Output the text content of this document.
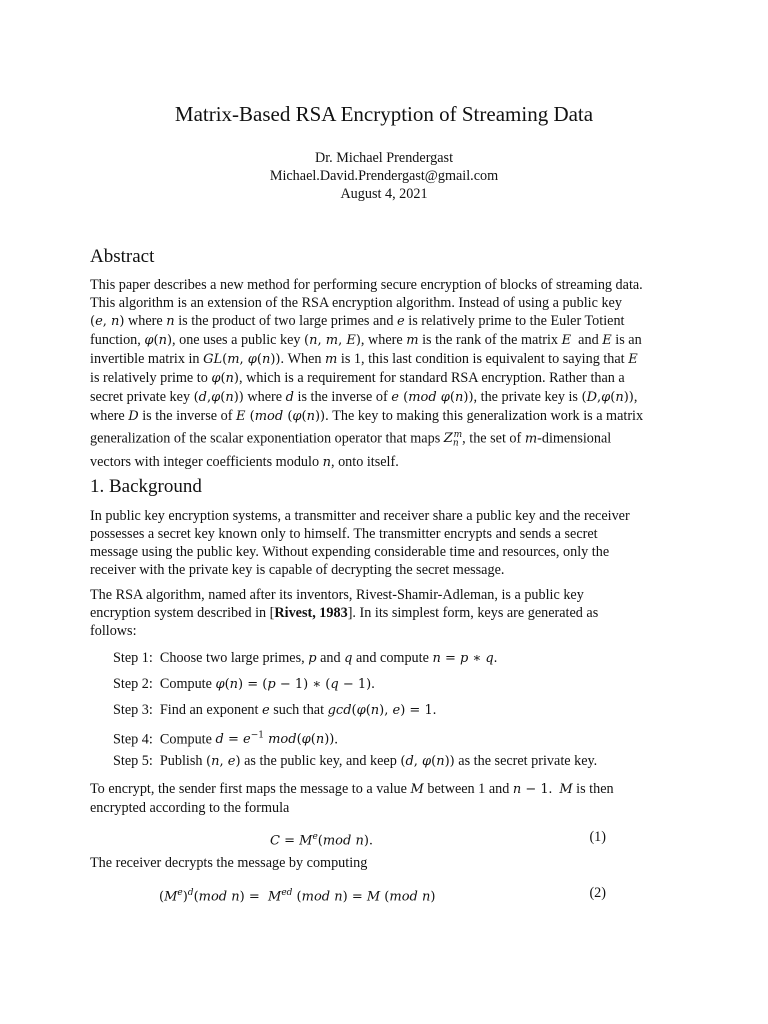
Matrix-Based RSA Encryption of Streaming Data
Dr. Michael Prendergast
Michael.David.Prendergast@gmail.com
August 4, 2021
Abstract
This paper describes a new method for performing secure encryption of blocks of streaming data.
This algorithm is an extension of the RSA encryption algorithm. Instead of using a public key
(e, n) where n is the product of two large primes and e is relatively prime to the Euler Totient
function, φ(n), one uses a public key (n, m, E), where m is the rank of the matrix E and E is an
invertible matrix in GL(m, φ(n)). When m is 1, this last condition is equivalent to saying that E
is relatively prime to φ(n), which is a requirement for standard RSA encryption. Rather than a
secret private key (d,φ(n)) where d is the inverse of e (mod φ(n)), the private key is (D,φ(n)),
where D is the inverse of E (mod (φ(n)). The key to making this generalization work is a matrix
generalization of the scalar exponentiation operator that maps $Z_n^m$, the set of m-dimensional
vectors with integer coefficients modulo n, onto itself.
1. Background
In public key encryption systems, a transmitter and receiver share a public key and the receiver
possesses a secret key known only to himself. The transmitter encrypts and sends a secret
message using the public key. Without expending considerable time and resources, only the
receiver with the private key is capable of decrypting the secret message.
The RSA algorithm, named after its inventors, Rivest-Shamir-Adleman, is a public key
encryption system described in [Rivest, 1983]. In its simplest form, keys are generated as
follows:
Step 1: Choose two large primes, p and q and compute n = p ∗ q.
Step 2: Compute φ(n) = (p − 1) ∗ (q − 1).
Step 3: Find an exponent e such that gcd(φ(n), e) = 1.
Step 4: Compute $d = e^{-1}$ mod(φ(n)).
Step 5: Publish (n, e) as the public key, and keep (d, φ(n)) as the secret private key.
To encrypt, the sender first maps the message to a value M between 1 and n − 1.  M is then
encrypted according to the formula
$C = M^e(mod$ n).	(1)
The receiver decrypts the message by computing
$(Me)^d(mod$ $n) = M^{ed}$ (mod n) = M (mod n)	(2)
